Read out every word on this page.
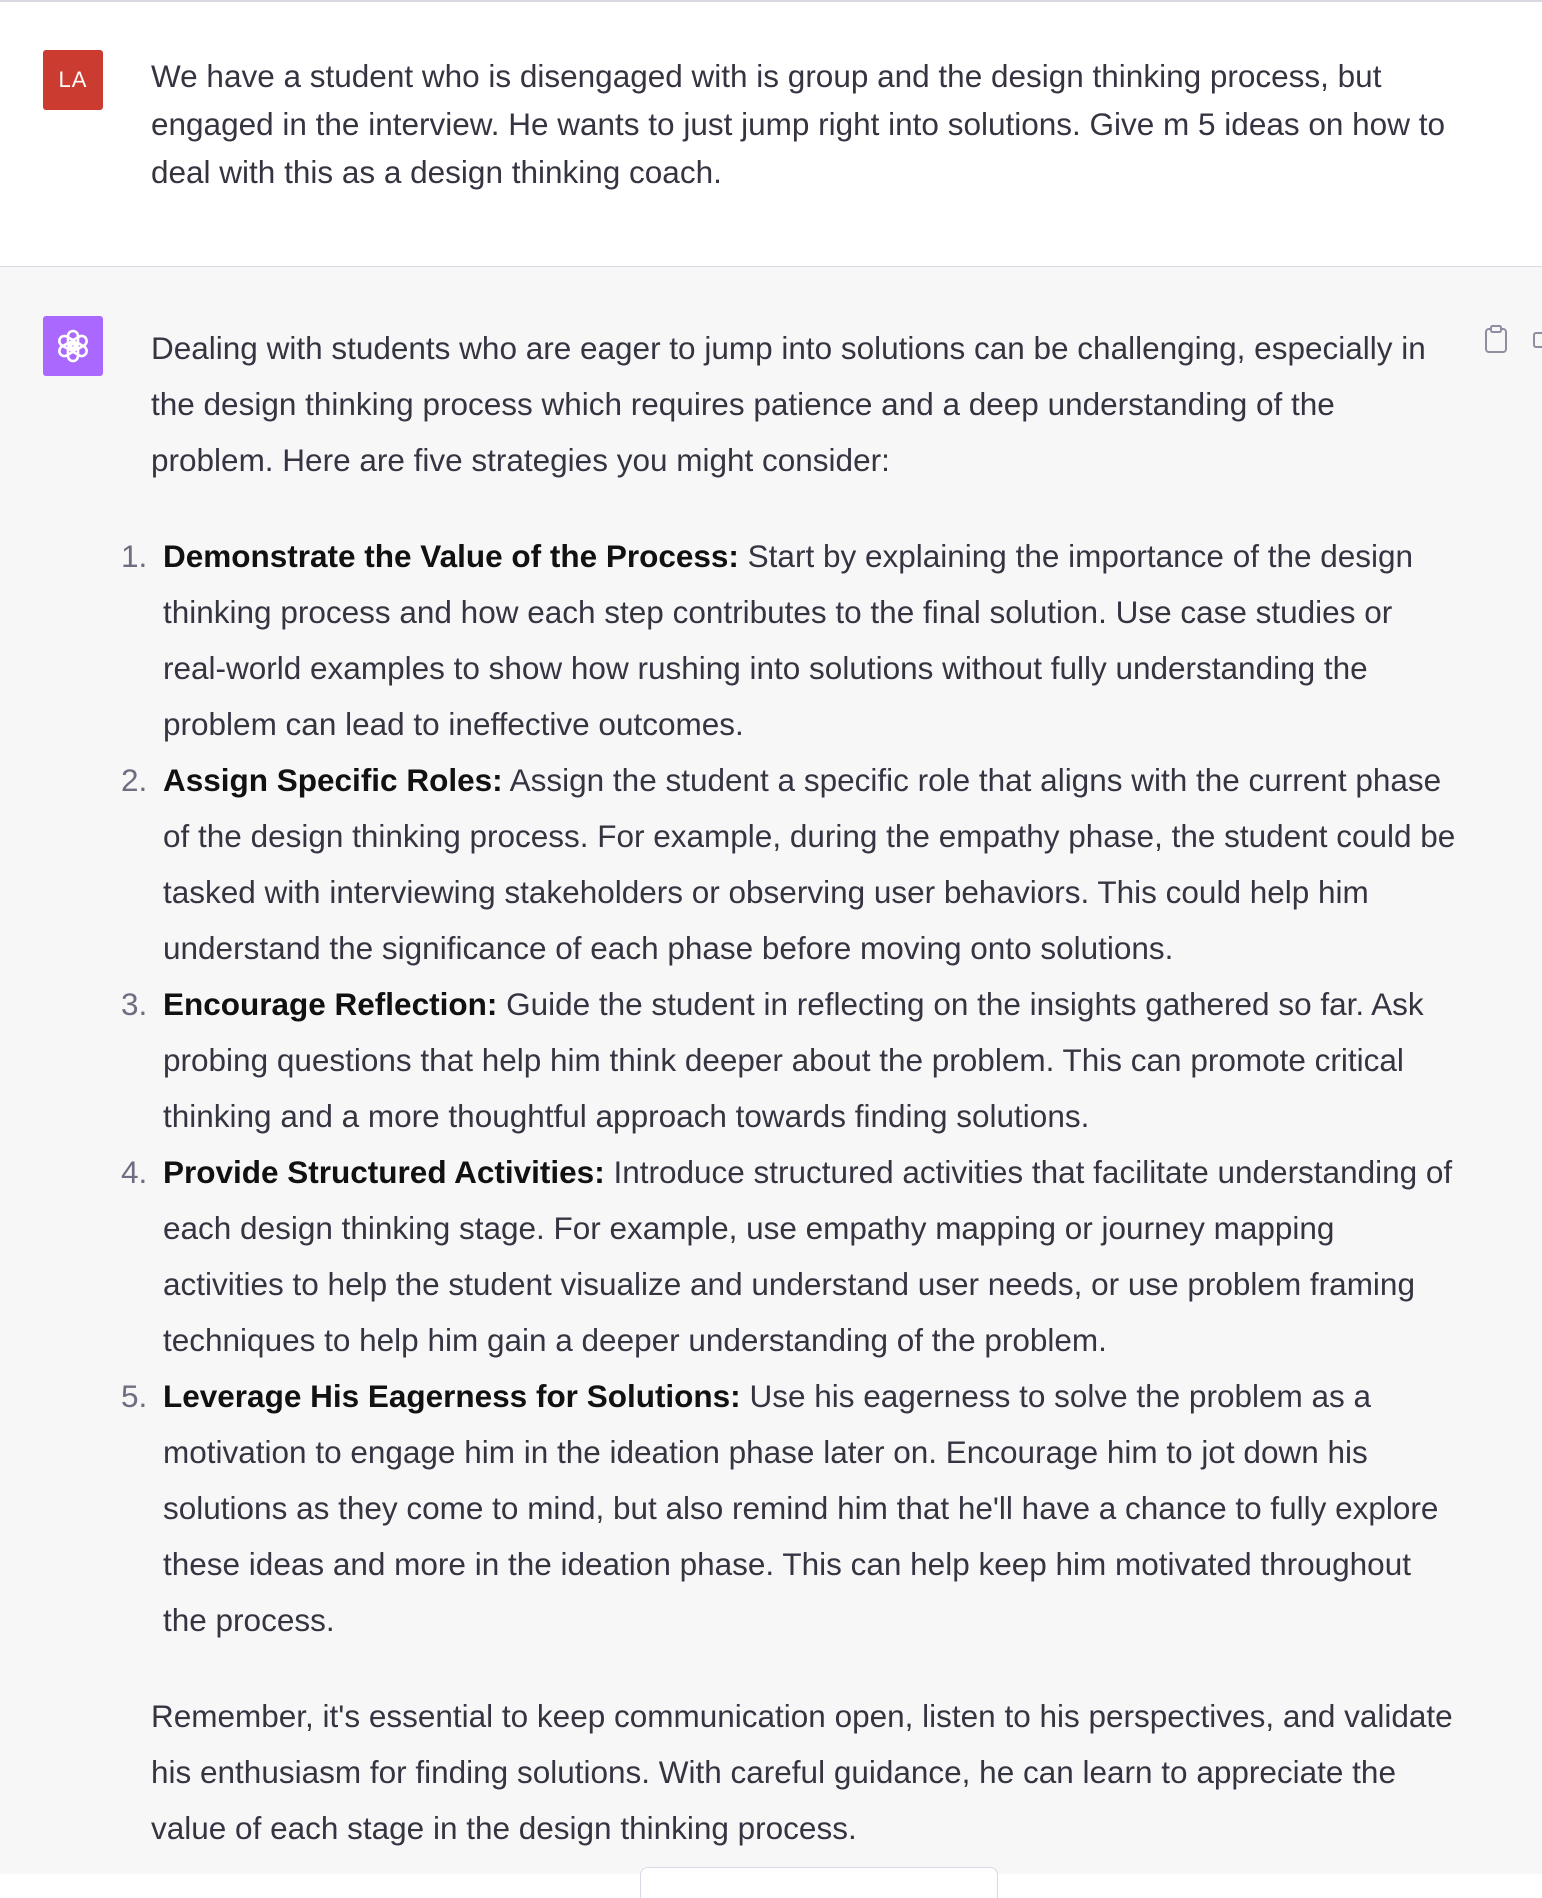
LA We have a student who is disengaged with is group and the design thinking process, but engaged in the interview. He wants to just jump right into solutions. Give m 5 ideas on how to deal with this as a design thinking coach.

Dealing with students who are eager to jump into solutions can be challenging, especially in the design thinking process which requires patience and a deep understanding of the problem. Here are five strategies you might consider:

1. Demonstrate the Value of the Process: Start by explaining the importance of the design thinking process and how each step contributes to the final solution. Use case studies or real-world examples to show how rushing into solutions without fully understanding the problem can lead to ineffective outcomes.
2. Assign Specific Roles: Assign the student a specific role that aligns with the current phase of the design thinking process. For example, during the empathy phase, the student could be tasked with interviewing stakeholders or observing user behaviors. This could help him understand the significance of each phase before moving onto solutions.
3. Encourage Reflection: Guide the student in reflecting on the insights gathered so far. Ask probing questions that help him think deeper about the problem. This can promote critical thinking and a more thoughtful approach towards finding solutions.
4. Provide Structured Activities: Introduce structured activities that facilitate understanding of each design thinking stage. For example, use empathy mapping or journey mapping activities to help the student visualize and understand user needs, or use problem framing techniques to help him gain a deeper understanding of the problem.
5. Leverage His Eagerness for Solutions: Use his eagerness to solve the problem as a motivation to engage him in the ideation phase later on. Encourage him to jot down his solutions as they come to mind, but also remind him that he'll have a chance to fully explore these ideas and more in the ideation phase. This can help keep him motivated throughout the process.

Remember, it's essential to keep communication open, listen to his perspectives, and validate his enthusiasm for finding solutions. With careful guidance, he can learn to appreciate the value of each stage in the design thinking process.
